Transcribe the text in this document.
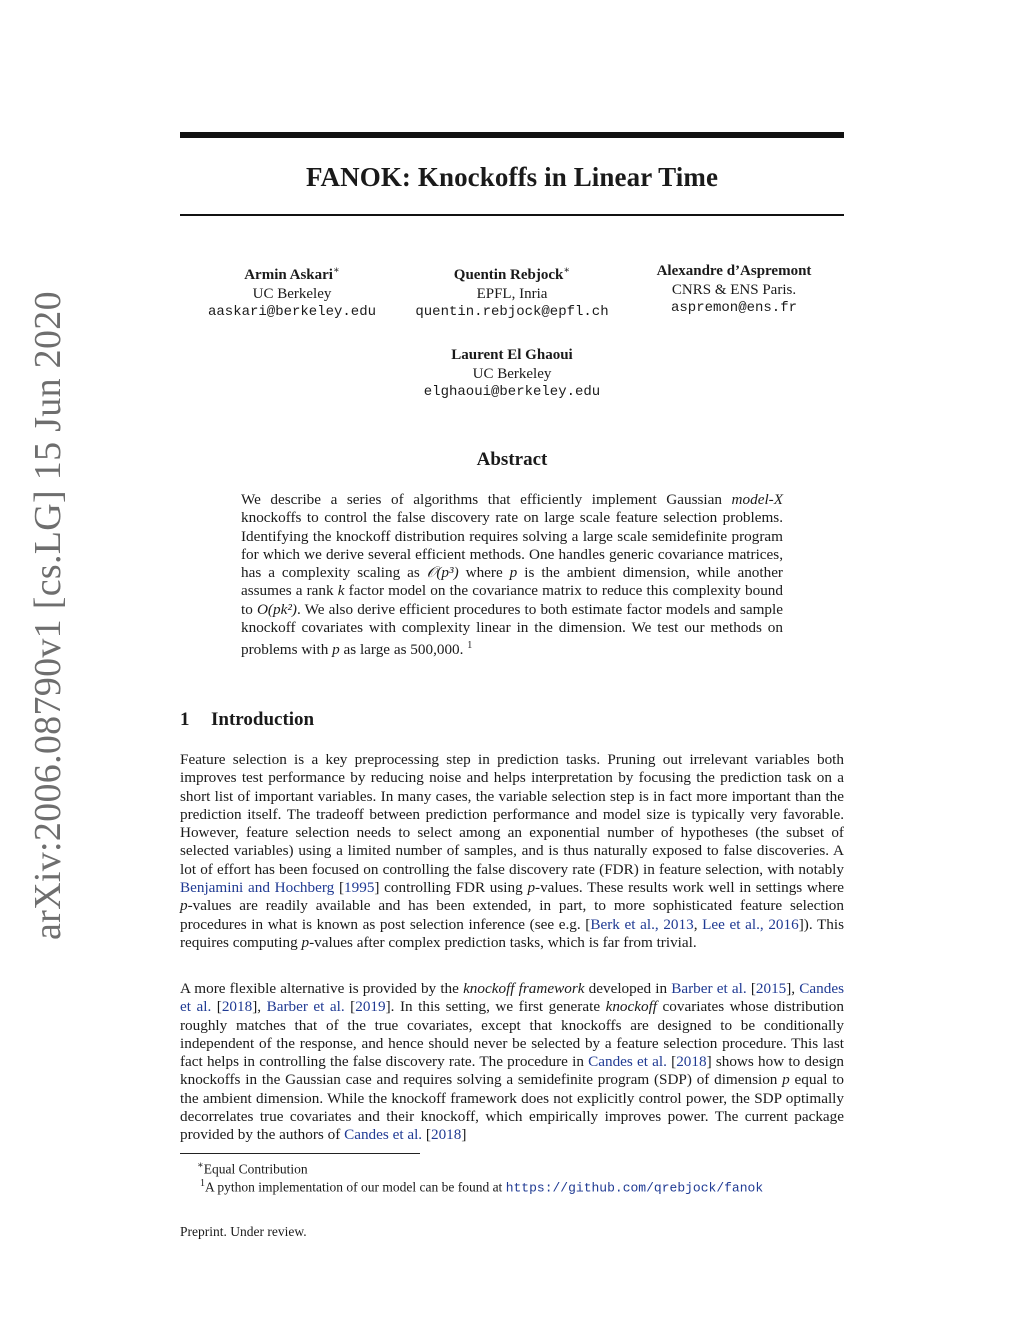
arXiv:2006.08790v1 [cs.LG] 15 Jun 2020
FANOK: Knockoffs in Linear Time
Armin Askari∗
UC Berkeley
aaskari@berkeley.edu
Quentin Rebjock∗
EPFL, Inria
quentin.rebjock@epfl.ch
Alexandre d’Aspremont
CNRS & ENS Paris.
aspremon@ens.fr
Laurent El Ghaoui
UC Berkeley
elghaoui@berkeley.edu
Abstract
We describe a series of algorithms that efficiently implement Gaussian model-X knockoffs to control the false discovery rate on large scale feature selection problems. Identifying the knockoff distribution requires solving a large scale semidefinite program for which we derive several efficient methods. One handles generic covariance matrices, has a complexity scaling as 𝒪(p³) where p is the ambient dimension, while another assumes a rank k factor model on the covariance matrix to reduce this complexity bound to O(pk²). We also derive efficient procedures to both estimate factor models and sample knockoff covariates with complexity linear in the dimension. We test our methods on problems with p as large as 500,000. $^1$
1 Introduction
Feature selection is a key preprocessing step in prediction tasks. Pruning out irrelevant variables both improves test performance by reducing noise and helps interpretation by focusing the prediction task on a short list of important variables. In many cases, the variable selection step is in fact more important than the prediction itself. The tradeoff between prediction performance and model size is typically very favorable. However, feature selection needs to select among an exponential number of hypotheses (the subset of selected variables) using a limited number of samples, and is thus naturally exposed to false discoveries. A lot of effort has been focused on controlling the false discovery rate (FDR) in feature selection, with notably Benjamini and Hochberg [1995] controlling FDR using p-values. These results work well in settings where p-values are readily available and has been extended, in part, to more sophisticated feature selection procedures in what is known as post selection inference (see e.g. [Berk et al., 2013, Lee et al., 2016]). This requires computing p-values after complex prediction tasks, which is far from trivial.
A more flexible alternative is provided by the knockoff framework developed in Barber et al. [2015], Candes et al. [2018], Barber et al. [2019]. In this setting, we first generate knockoff covariates whose distribution roughly matches that of the true covariates, except that knockoffs are designed to be conditionally independent of the response, and hence should never be selected by a feature selection procedure. This last fact helps in controlling the false discovery rate. The procedure in Candes et al. [2018] shows how to design knockoffs in the Gaussian case and requires solving a semidefinite program (SDP) of dimension p equal to the ambient dimension. While the knockoff framework does not explicitly control power, the SDP optimally decorrelates true covariates and their knockoff, which empirically improves power. The current package provided by the authors of Candes et al. [2018]
∗Equal Contribution
$^1$A python implementation of our model can be found at https://github.com/qrebjock/fanok
Preprint. Under review.
